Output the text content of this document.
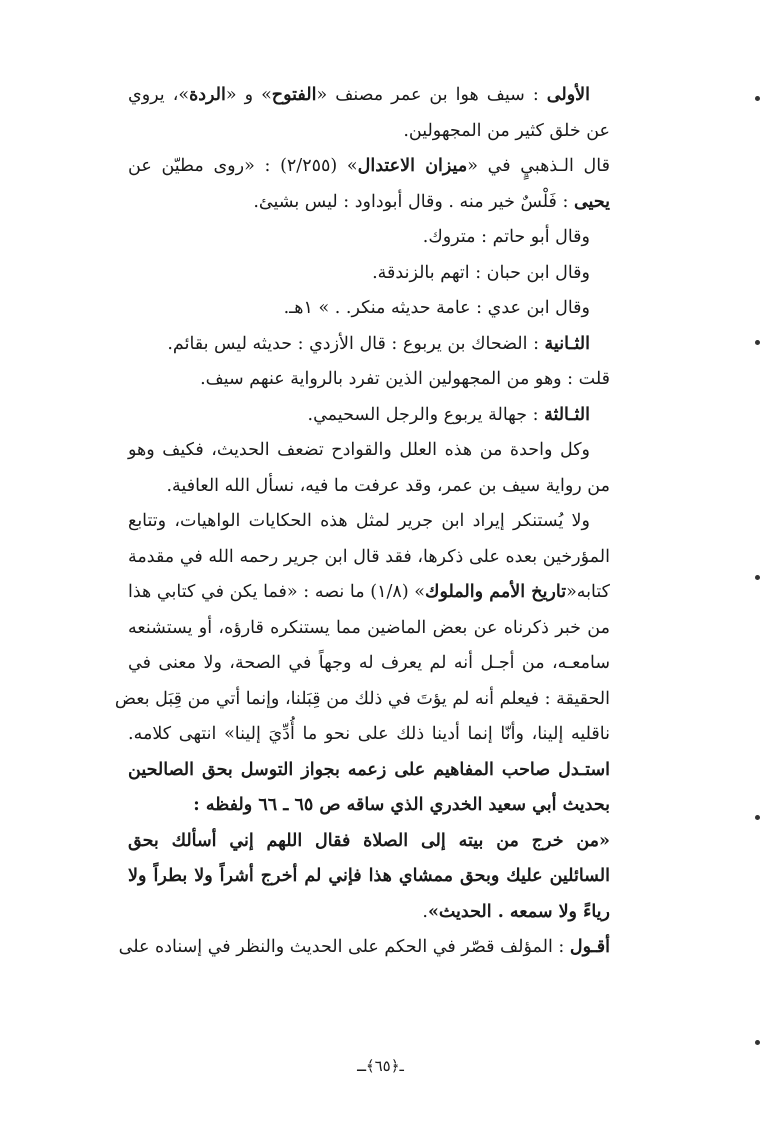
الأولى : سيف هوا بن عمر مصنف «الفتوح» و «الردة»، يروي
عن خلق كثير من المجهولين.
قال الـذهبيٍ في «ميزان الاعتدال» (٢/٢٥٥) : «روى مطيّن عن
يحيى : فَلْسٌ خير منه . وقال أبوداود : ليس بشيئ.
وقال أبو حاتم : متروك.
وقال ابن حبان : اتهم بالزندقة.
وقال ابن عدي : عامة حديثه منكر. . » ١هـ.
الثـانية : الضحاك بن يربوع : قال الأزدي : حديثه ليس بقائم.
قلت : وهو من المجهولين الذين تفرد بالرواية عنهم سيف.
الثـالثة : جهالة يربوع والرجل السحيمي.
وكل واحدة من هذه العلل والقوادح تضعف الحديث، فكيف وهو
من رواية سيف بن عمر، وقد عرفت ما فيه، نسأل الله العافية.
ولا يُستنكر إيراد ابن جرير لمثل هذه الحكايات الواهيات، وتتابع
المؤرخين بعده على ذكرها، فقد قال ابن جرير رحمه الله في مقدمة
كتابه«تاريخ الأمم والملوك» (١/٨) ما نصه : «فما يكن في كتابي هذا
من خبر ذكرناه عن بعض الماضين مما يستنكره قارؤه، أو يستشنعه
سامعـه، من أجـل أنه لم يعرف له وجهاً في الصحة، ولا معنى في
الحقيقة : فيعلم أنه لم يؤتَ في ذلك من قِبَلنا، وإنما أتي من قِبَل بعض
ناقليه إلينا، وأنّا إنما أدينا ذلك على نحو ما أُدِّيَ إلينا» انتهى كلامه.
استـدل صاحب المفاهيم على زعمه بجواز التوسل بحق الصالحين
بحديث أبي سعيد الخدري الذي ساقه ص ٦٥ ـ ٦٦ ولفظه :
«من خرج من بيته إلى الصلاة فقال اللهم إني أسألك بحق
السائلين عليك وبحق ممشاي هذا فإني لم أخرج أشراً ولا بطراً ولا
رياءً ولا سمعه . الحديث».
أقـول : المؤلف قصّر في الحكم على الحديث والنظر في إسناده على
ـ﴿٦٥﴾ـ
